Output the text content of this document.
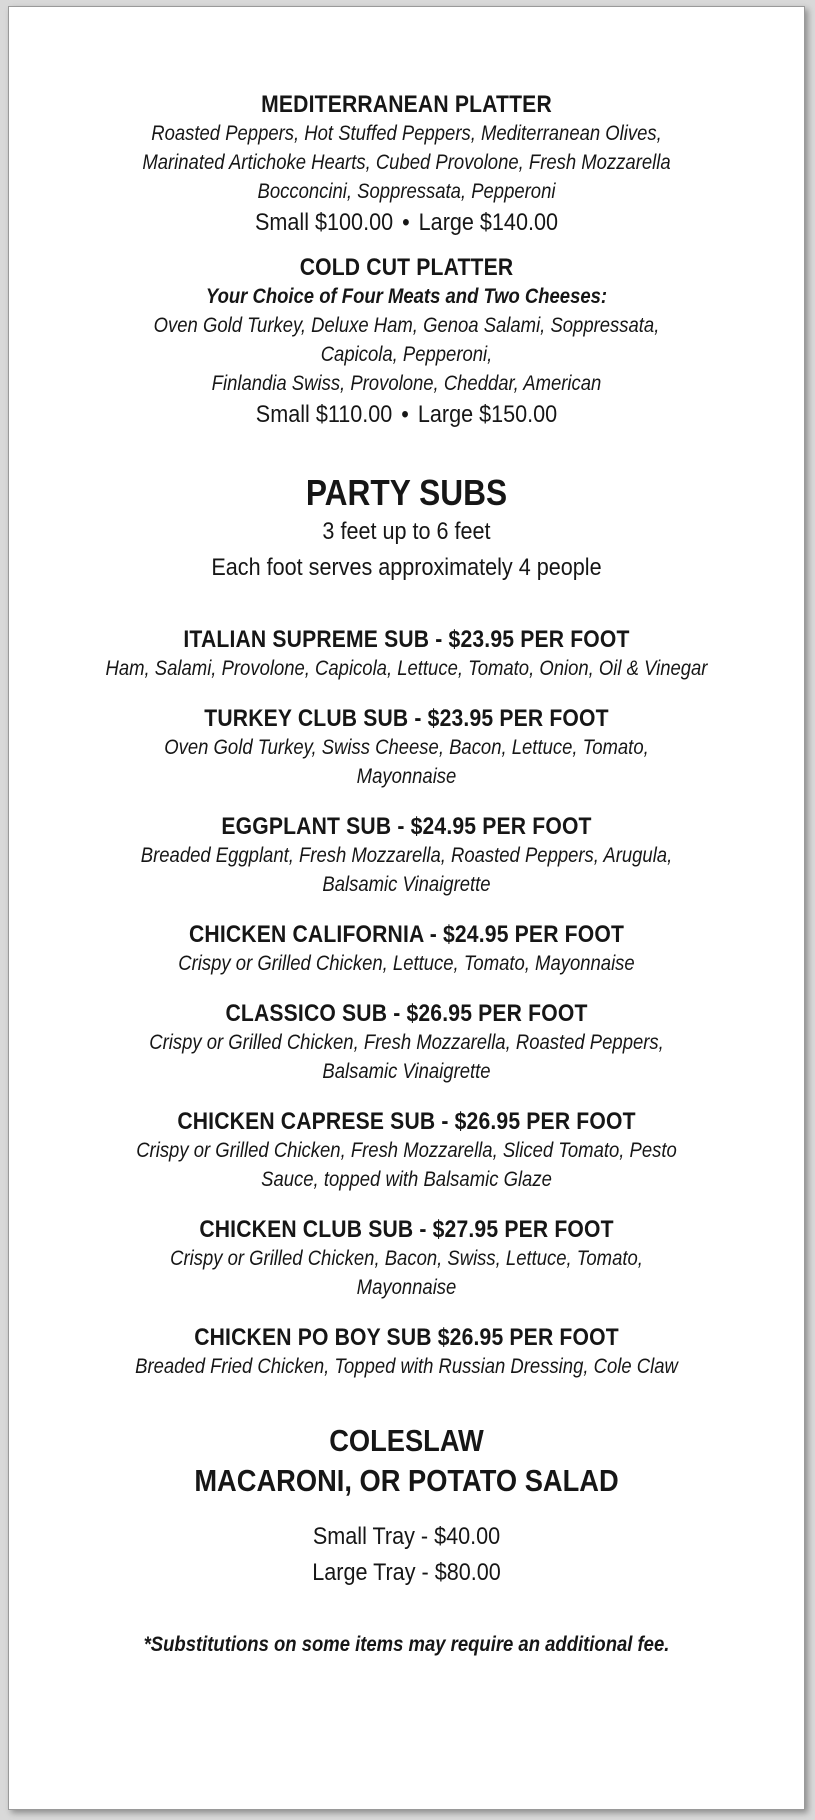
MEDITERRANEAN PLATTER
Roasted Peppers, Hot Stuffed Peppers, Mediterranean Olives,
Marinated Artichoke Hearts, Cubed Provolone, Fresh Mozzarella
Bocconcini, Soppressata, Pepperoni
Small $100.00 • Large $140.00
COLD CUT PLATTER
Your Choice of Four Meats and Two Cheeses:
Oven Gold Turkey, Deluxe Ham, Genoa Salami, Soppressata,
Capicola, Pepperoni,
Finlandia Swiss, Provolone, Cheddar, American
Small $110.00 • Large $150.00
PARTY SUBS
3 feet up to 6 feet
Each foot serves approximately 4 people
ITALIAN SUPREME SUB - $23.95 PER FOOT
Ham, Salami, Provolone, Capicola, Lettuce, Tomato, Onion, Oil & Vinegar
TURKEY CLUB SUB - $23.95 PER FOOT
Oven Gold Turkey, Swiss Cheese, Bacon, Lettuce, Tomato,
Mayonnaise
EGGPLANT SUB - $24.95 PER FOOT
Breaded Eggplant, Fresh Mozzarella, Roasted Peppers, Arugula,
Balsamic Vinaigrette
CHICKEN CALIFORNIA - $24.95 PER FOOT
Crispy or Grilled Chicken, Lettuce, Tomato, Mayonnaise
CLASSICO SUB - $26.95 PER FOOT
Crispy or Grilled Chicken, Fresh Mozzarella, Roasted Peppers,
Balsamic Vinaigrette
CHICKEN CAPRESE SUB - $26.95 PER FOOT
Crispy or Grilled Chicken, Fresh Mozzarella, Sliced Tomato, Pesto
Sauce, topped with Balsamic Glaze
CHICKEN CLUB SUB - $27.95 PER FOOT
Crispy or Grilled Chicken, Bacon, Swiss, Lettuce, Tomato,
Mayonnaise
CHICKEN PO BOY SUB $26.95 PER FOOT
Breaded Fried Chicken, Topped with Russian Dressing, Cole Claw
COLESLAW
MACARONI, OR POTATO SALAD
Small Tray - $40.00
Large Tray - $80.00
*Substitutions on some items may require an additional fee.
